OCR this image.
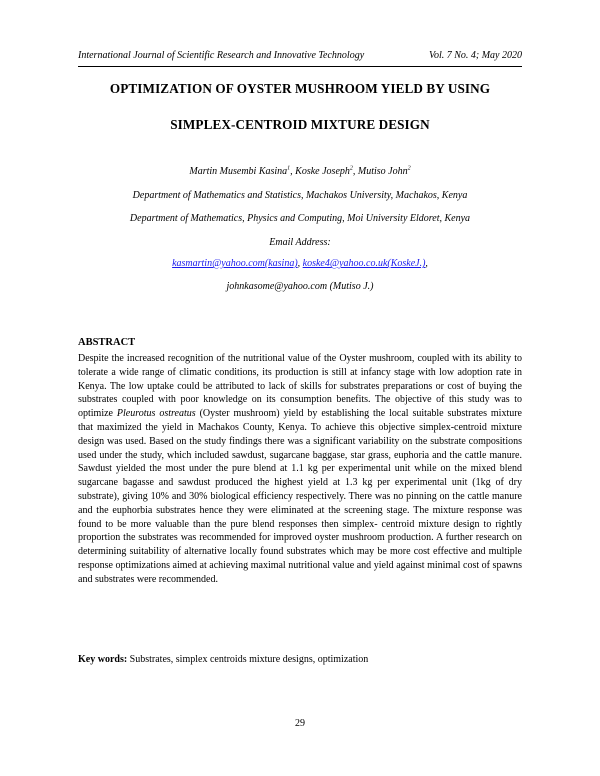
International Journal of Scientific Research and Innovative Technology	Vol. 7 No. 4; May 2020
OPTIMIZATION OF OYSTER MUSHROOM YIELD BY USING
SIMPLEX-CENTROID MIXTURE DESIGN
Martin Musembi Kasina$^1$, Koske Joseph$^2$, Mutiso John$^2$
Department of Mathematics and Statistics, Machakos University, Machakos, Kenya
Department of Mathematics, Physics and Computing, Moi University Eldoret, Kenya
Email Address:
kasmartin@yahoo.com(kasina), koske4@yahoo.co.uk(KoskeJ.),
johnkasome@yahoo.com (Mutiso J.)
ABSTRACT
Despite the increased recognition of the nutritional value of the Oyster mushroom, coupled with its ability to tolerate a wide range of climatic conditions, its production is still at infancy stage with low adoption rate in Kenya. The low uptake could be attributed to lack of skills for substrates preparations or cost of buying the substrates coupled with poor knowledge on its consumption benefits. The objective of this study was to optimize Pleurotus ostreatus (Oyster mushroom) yield by establishing the local suitable substrates mixture that maximized the yield in Machakos County, Kenya. To achieve this objective simplex-centroid mixture design was used. Based on the study findings there was a significant variability on the substrate compositions used under the study, which included sawdust, sugarcane baggase, star grass, euphoria and the cattle manure. Sawdust yielded the most under the pure blend at 1.1 kg per experimental unit while on the mixed blend sugarcane bagasse and sawdust produced the highest yield at 1.3 kg per experimental unit (1kg of dry substrate), giving 10% and 30% biological efficiency respectively. There was no pinning on the cattle manure and the euphorbia substrates hence they were eliminated at the screening stage. The mixture response was found to be more valuable than the pure blend responses then simplex- centroid mixture design to rightly proportion the substrates was recommended for improved oyster mushroom production. A further research on determining suitability of alternative locally found substrates which may be more cost effective and multiple response optimizations aimed at achieving maximal nutritional value and yield against minimal cost of spawns and substrates were recommended.
Key words: Substrates, simplex centroids mixture designs, optimization
29
